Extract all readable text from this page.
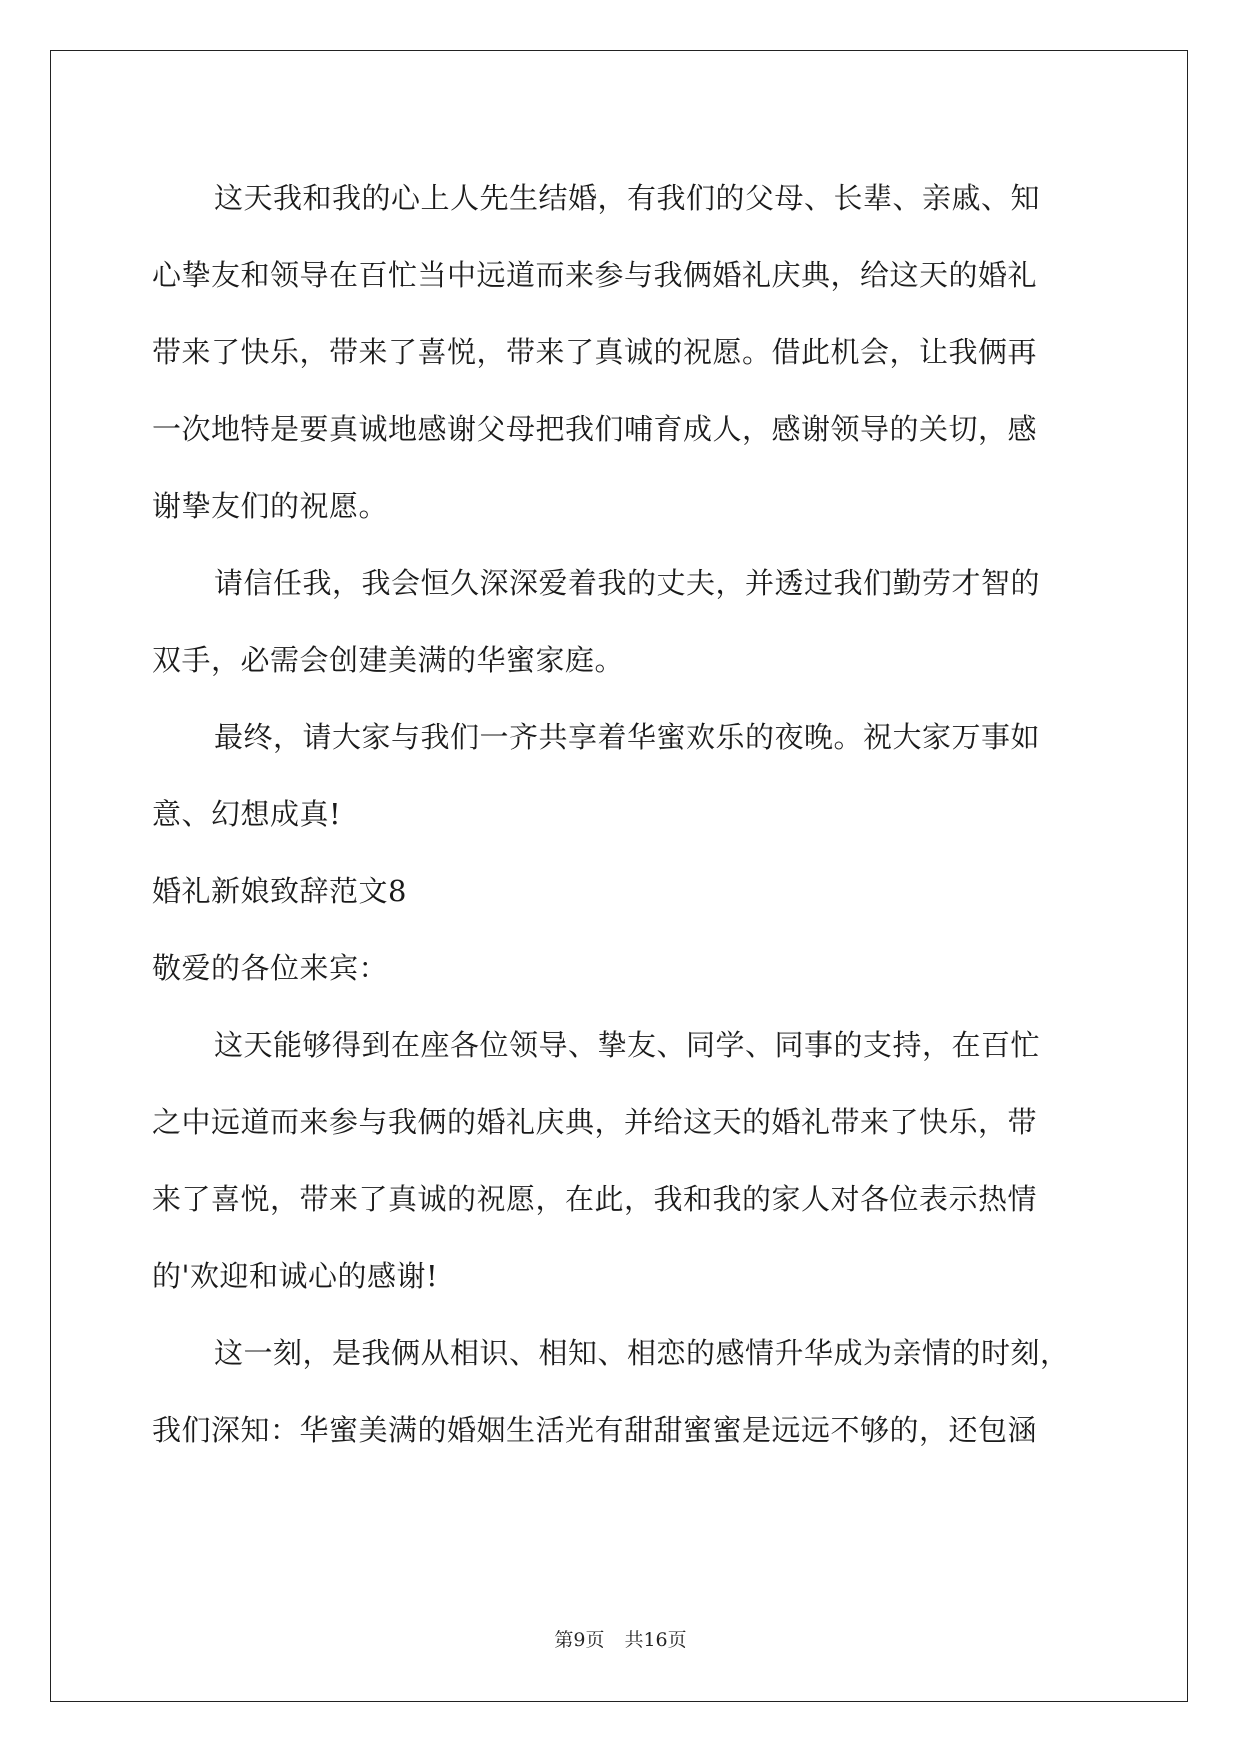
这天我和我的心上人先生结婚，有我们的父母、长辈、亲戚、知
心挚友和领导在百忙当中远道而来参与我俩婚礼庆典，给这天的婚礼
带来了快乐，带来了喜悦，带来了真诚的祝愿。借此机会，让我俩再
一次地特是要真诚地感谢父母把我们哺育成人，感谢领导的关切，感
谢挚友们的祝愿。
请信任我，我会恒久深深爱着我的丈夫，并透过我们勤劳才智的
双手，必需会创建美满的华蜜家庭。
最终，请大家与我们一齐共享着华蜜欢乐的夜晚。祝大家万事如
意、幻想成真!
婚礼新娘致辞范文8
敬爱的各位来宾：
这天能够得到在座各位领导、挚友、同学、同事的支持，在百忙
之中远道而来参与我俩的婚礼庆典，并给这天的婚礼带来了快乐，带
来了喜悦，带来了真诚的祝愿，在此，我和我的家人对各位表示热情
的'欢迎和诚心的感谢!
这一刻，是我俩从相识、相知、相恋的感情升华成为亲情的时刻，
我们深知：华蜜美满的婚姻生活光有甜甜蜜蜜是远远不够的，还包涵
第9页 共16页
